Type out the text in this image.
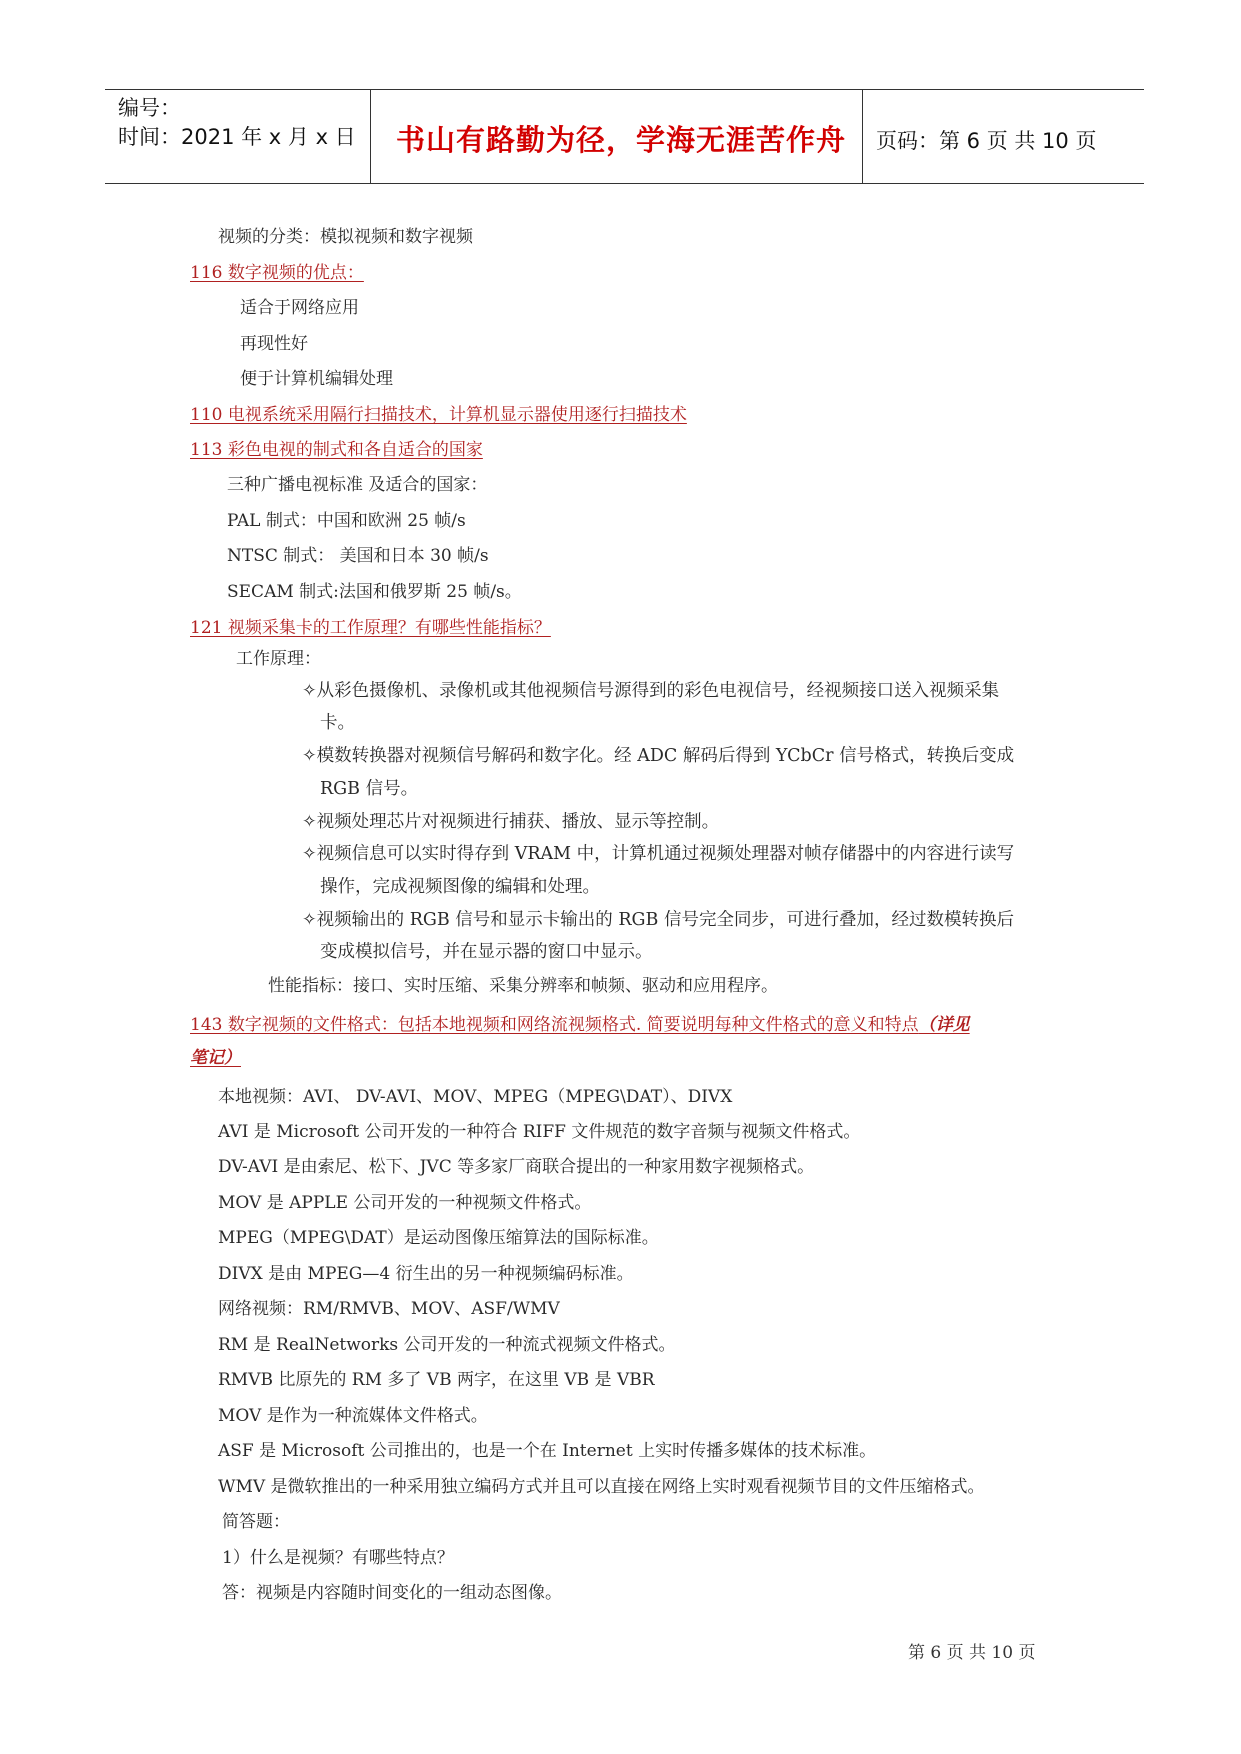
编号：
时间：2021 年 x 月 x 日 书山有路勤为径，学海无涯苦作舟 页码：第 6 页 共 10 页
视频的分类：模拟视频和数字视频
116 数字视频的优点：
适合于网络应用
再现性好
便于计算机编辑处理
110 电视系统采用隔行扫描技术，计算机显示器使用逐行扫描技术
113 彩色电视的制式和各自适合的国家
三种广播电视标准 及适合的国家：
PAL 制式：中国和欧洲 25 帧/s
NTSC 制式： 美国和日本 30 帧/s
SECAM 制式:法国和俄罗斯 25 帧/s。
121 视频采集卡的工作原理？有哪些性能指标？
工作原理：
✧从彩色摄像机、录像机或其他视频信号源得到的彩色电视信号，经视频接口送入视频采集
卡。
✧模数转换器对视频信号解码和数字化。经 ADC 解码后得到 YCbCr 信号格式，转换后变成
RGB 信号。
✧视频处理芯片对视频进行捕获、播放、显示等控制。
✧视频信息可以实时得存到 VRAM 中，计算机通过视频处理器对帧存储器中的内容进行读写
操作，完成视频图像的编辑和处理。
✧视频输出的 RGB 信号和显示卡输出的 RGB 信号完全同步，可进行叠加，经过数模转换后
变成模拟信号，并在显示器的窗口中显示。
性能指标：接口、实时压缩、采集分辨率和帧频、驱动和应用程序。
143 数字视频的文件格式：包括本地视频和网络流视频格式. 简要说明每种文件格式的意义和特点（详见
笔记）
本地视频：AVI、 DV-AVI、MOV、MPEG（MPEG\DAT）、DIVX
AVI 是 Microsoft 公司开发的一种符合 RIFF 文件规范的数字音频与视频文件格式。
DV-AVI 是由索尼、松下、JVC 等多家厂商联合提出的一种家用数字视频格式。
MOV 是 APPLE 公司开发的一种视频文件格式。
MPEG（MPEG\DAT）是运动图像压缩算法的国际标准。
DIVX 是由 MPEG—4 衍生出的另一种视频编码标准。
网络视频：RM/RMVB、MOV、ASF/WMV
RM 是 RealNetworks 公司开发的一种流式视频文件格式。
RMVB 比原先的 RM 多了 VB 两字，在这里 VB 是 VBR
MOV 是作为一种流媒体文件格式。
ASF 是 Microsoft 公司推出的，也是一个在 Internet 上实时传播多媒体的技术标准。
WMV 是微软推出的一种采用独立编码方式并且可以直接在网络上实时观看视频节目的文件压缩格式。
简答题：
1）什么是视频？有哪些特点？
答：视频是内容随时间变化的一组动态图像。
第 6 页 共 10 页
